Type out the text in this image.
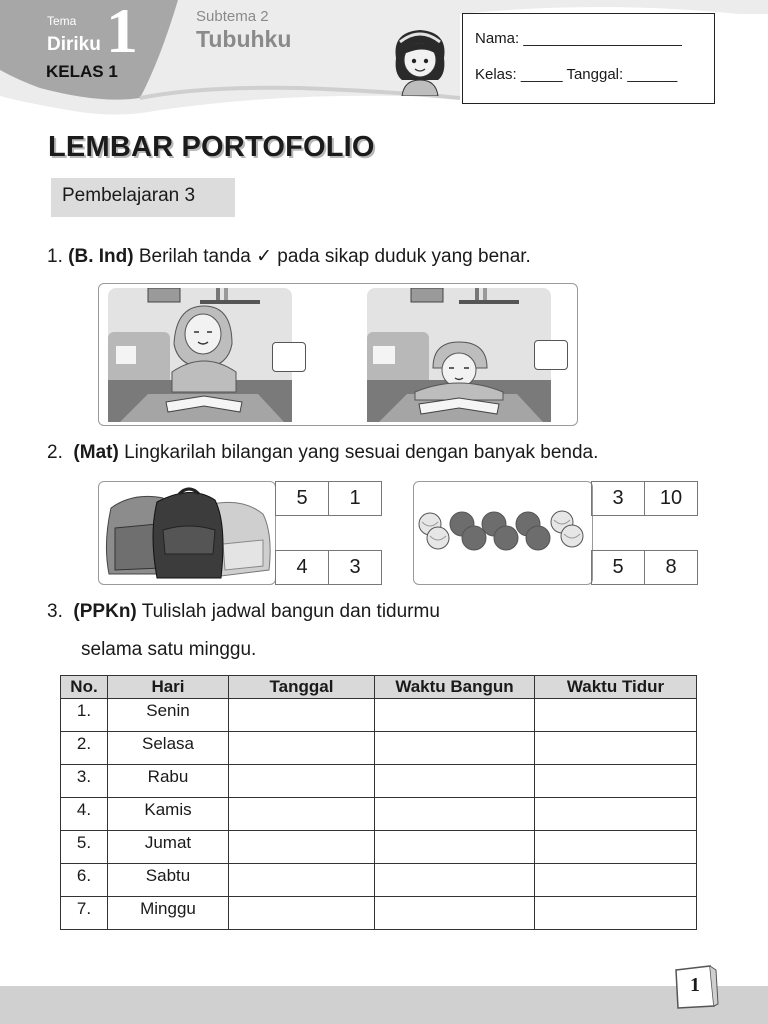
Tema
Diriku 1
KELAS 1
Subtema 2
Tubuhku	Nama: ___________________
Kelas: _____ Tanggal: ______
LEMBAR PORTOFOLIO
Pembelajaran 3
1. (B. Ind) Berilah tanda ✓ pada sikap duduk yang benar.
2. (Mat) Lingkarilah bilangan yang sesuai dengan banyak benda.
5	1
4	3
3	10
5	8
3. (PPKn) Tulislah jadwal bangun dan tidurmu
selama satu minggu.
No.	Hari	Tanggal	Waktu Bangun	Waktu Tidur
1.	Senin			
2.	Selasa			
3.	Rabu			
4.	Kamis			
5.	Jumat			
6.	Sabtu			
7.	Minggu			
1
